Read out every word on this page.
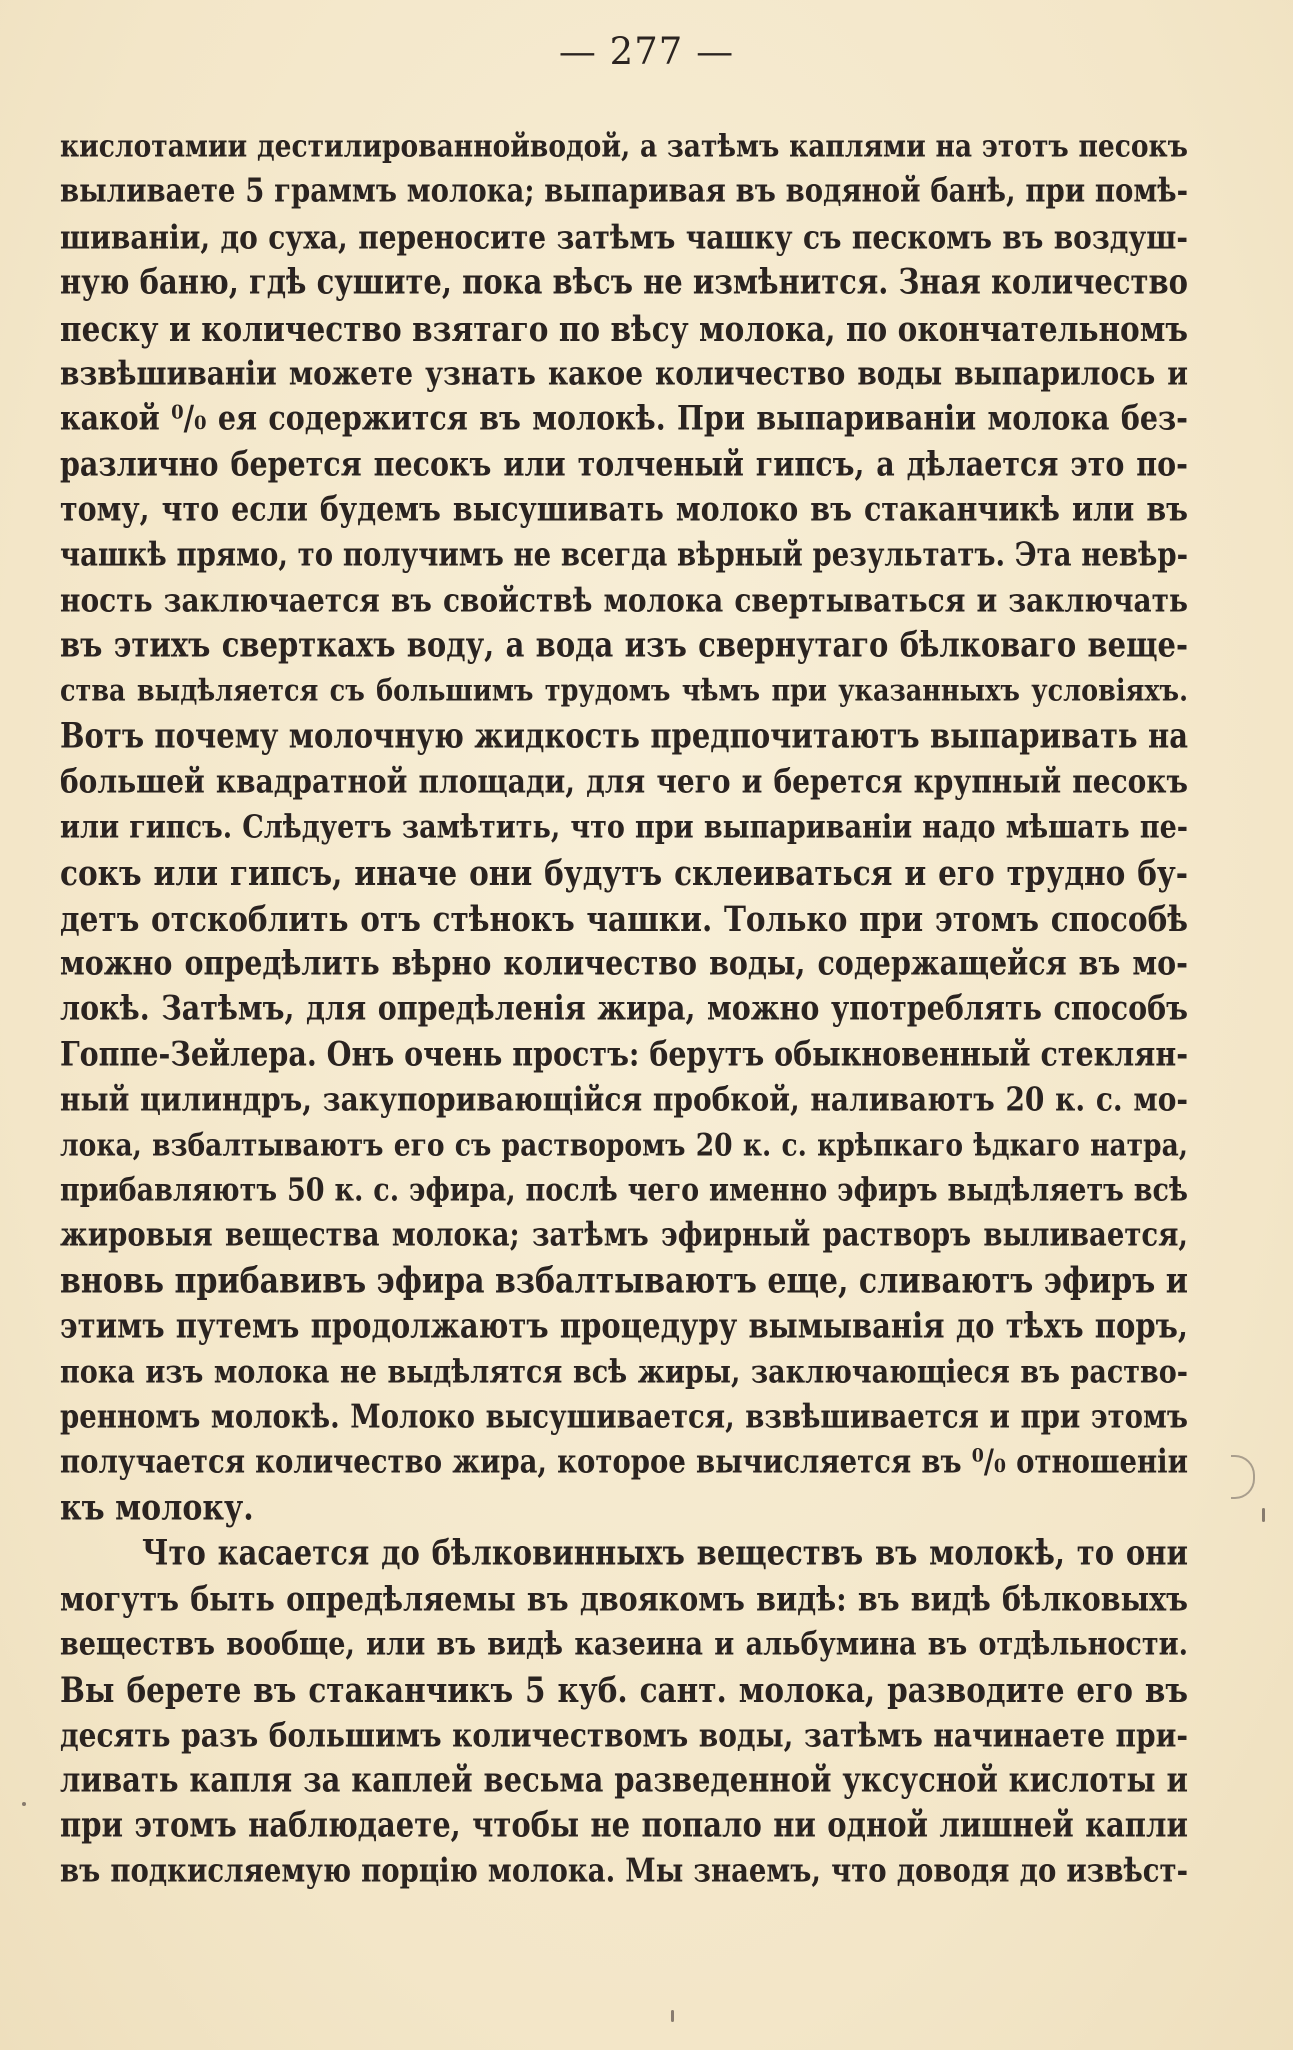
— 277 —
кислотамии дестилированнойводой, а затѣмъ каплями на этотъ песокъ
выливаете 5 граммъ молока; выпаривая въ водяной банѣ, при помѣ-
шиваніи, до суха, переносите затѣмъ чашку съ пескомъ въ воздуш-
ную баню, гдѣ сушите, пока вѣсъ не измѣнится. Зная количество
песку и количество взятаго по вѣсу молока, по окончательномъ
взвѣшиваніи можете узнать какое количество воды выпарилось и
какой ⁰/₀ ея содержится въ молокѣ. При выпариваніи молока без-
различно берется песокъ или толченый гипсъ, а дѣлается это по-
тому, что если будемъ высушивать молоко въ стаканчикѣ или въ
чашкѣ прямо, то получимъ не всегда вѣрный результатъ. Эта невѣр-
ность заключается въ свойствѣ молока свертываться и заключать
въ этихъ сверткахъ воду, а вода изъ свернутаго бѣлковаго веще-
ства выдѣляется съ большимъ трудомъ чѣмъ при указанныхъ условіяхъ.
Вотъ почему молочную жидкость предпочитаютъ выпаривать на
большей квадратной площади, для чего и берется крупный песокъ
или гипсъ. Слѣдуетъ замѣтить, что при выпариваніи надо мѣшать пе-
сокъ или гипсъ, иначе они будутъ склеиваться и его трудно бу-
детъ отскоблить отъ стѣнокъ чашки. Только при этомъ способѣ
можно опредѣлить вѣрно количество воды, содержащейся въ мо-
локѣ. Затѣмъ, для опредѣленія жира, можно употреблять способъ
Гоппе-Зейлера. Онъ очень простъ: берутъ обыкновенный стеклян-
ный цилиндръ, закупоривающійся пробкой, наливаютъ 20 к. с. мо-
лока, взбалтываютъ его съ растворомъ 20 к. с. крѣпкаго ѣдкаго натра,
прибавляютъ 50 к. с. эфира, послѣ чего именно эфиръ выдѣляетъ всѣ
жировыя вещества молока; затѣмъ эфирный растворъ выливается,
вновь прибавивъ эфира взбалтываютъ еще, сливаютъ эфиръ и
этимъ путемъ продолжаютъ процедуру вымыванія до тѣхъ поръ,
пока изъ молока не выдѣлятся всѣ жиры, заключающіеся въ раство-
ренномъ молокѣ. Молоко высушивается, взвѣшивается и при этомъ
получается количество жира, которое вычисляется въ ⁰/₀ отношеніи
къ молоку.
Что касается до бѣлковинныхъ веществъ въ молокѣ, то они
могутъ быть опредѣляемы въ двоякомъ видѣ: въ видѣ бѣлковыхъ
веществъ вообще, или въ видѣ казеина и альбумина въ отдѣльности.
Вы берете въ стаканчикъ 5 куб. сант. молока, разводите его въ
десять разъ большимъ количествомъ воды, затѣмъ начинаете при-
ливать капля за каплей весьма разведенной уксусной кислоты и
при этомъ наблюдаете, чтобы не попало ни одной лишней капли
въ подкисляемую порцію молока. Мы знаемъ, что доводя до извѣст-
